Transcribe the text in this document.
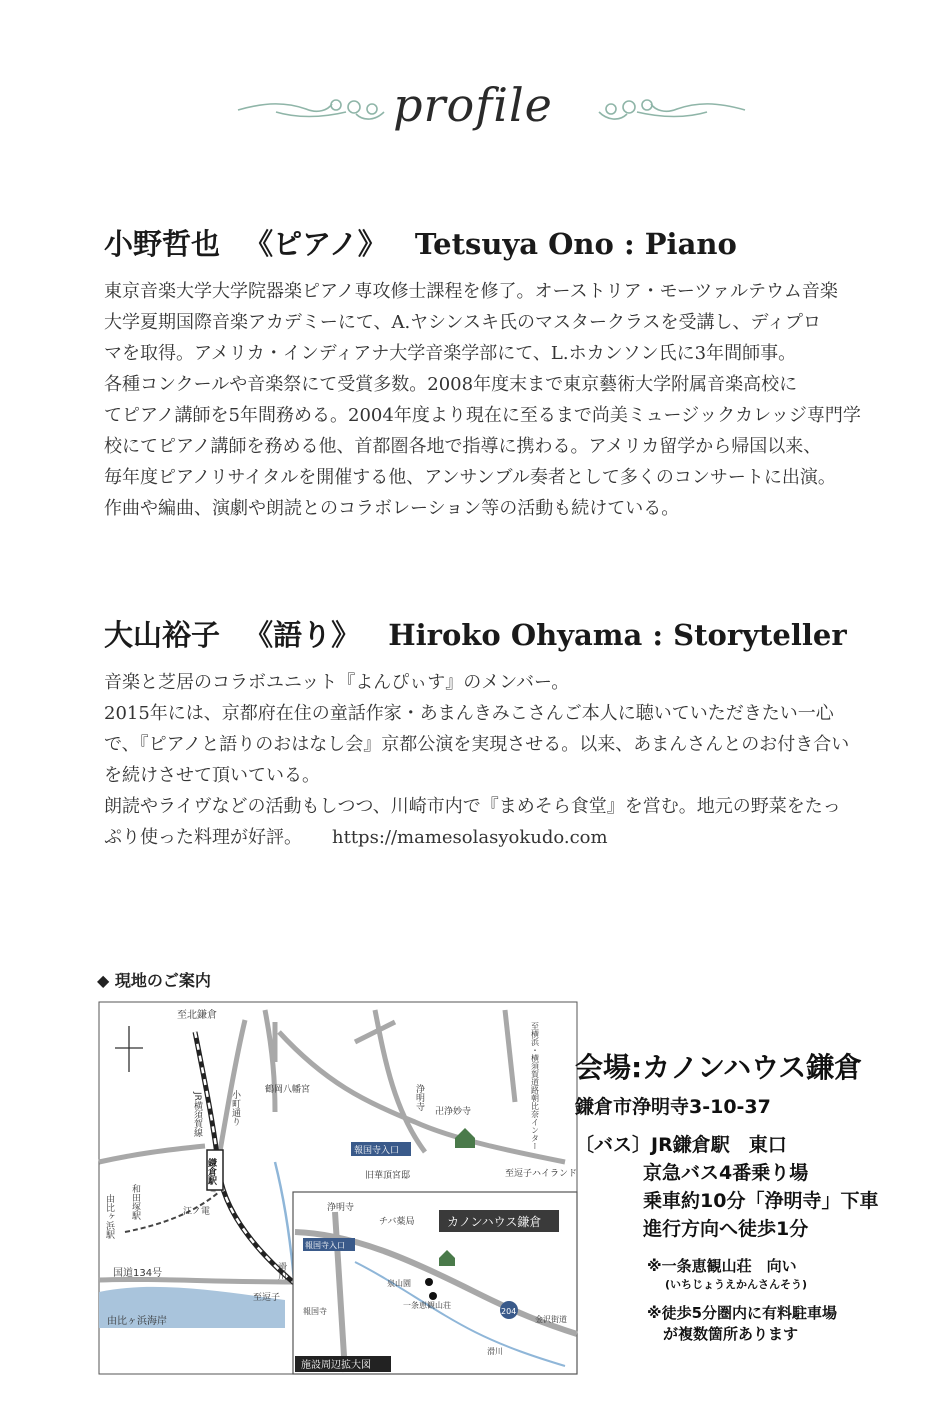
profile
小野哲也 《ピアノ》 Tetsuya Ono : Piano

東京音楽大学大学院器楽ピアノ専攻修士課程を修了。オーストリア・モーツァルテウム音楽

大学夏期国際音楽アカデミーにて、A.ヤシンスキ氏のマスタークラスを受講し、ディプロ

マを取得。アメリカ・インディアナ大学音楽学部にて、L.ホカンソン氏に3年間師事。

各種コンクールや音楽祭にて受賞多数。2008年度末まで東京藝術大学附属音楽高校に

てピアノ講師を5年間務める。2004年度より現在に至るまで尚美ミュージックカレッジ専門学

校にてピアノ講師を務める他、首都圏各地で指導に携わる。アメリカ留学から帰国以来、

毎年度ピアノリサイタルを開催する他、アンサンブル奏者として多くのコンサートに出演。

作曲や編曲、演劇や朗読とのコラボレーション等の活動も続けている。

大山裕子 《語り》 Hiroko Ohyama : Storyteller

音楽と芝居のコラボユニット『よんぴぃす』のメンバー。

2015年には、京都府在住の童話作家・あまんきみこさんご本人に聴いていただきたい一心

で、『ピアノと語りのおはなし会』京都公演を実現させる。以来、あまんさんとのお付き合い

を続けさせて頂いている。

朗読やライヴなどの活動もしつつ、川崎市内で『まめそら食堂』を営む。地元の野菜をたっ

ぷり使った料理が好評。 https://mamesolasyokudo.com

◆ 現地のご案内
由比ヶ浜海岸
至北鎌倉
JR横須賀線	小町通り	鶴岡八幡宮
鎌倉駅
由比ヶ浜駅 和田塚駅	江ノ電
国道134号	滑川
至逗子
浄明寺
卍浄妙寺
報国寺入口
旧華頂宮邸	至逗子ハイランド
至横浜・横須賀道路朝比奈インター
浄明寺
チバ薬局
報国寺入口
カノンハウス鎌倉
泉山園
一条恵観山荘
報国寺
金沢街道
204
滑川
施設周辺拡大図
会場:カノンハウス鎌倉
鎌倉市浄明寺3-10-37
〔バス〕JR鎌倉駅　東口
京急バス4番乗り場
乗車約10分「浄明寺」下車
進行方向へ徒歩1分
※一条恵観山荘　向い
(いちじょうえかんさんそう)
※徒歩5分圏内に有料駐車場
が複数箇所あります
